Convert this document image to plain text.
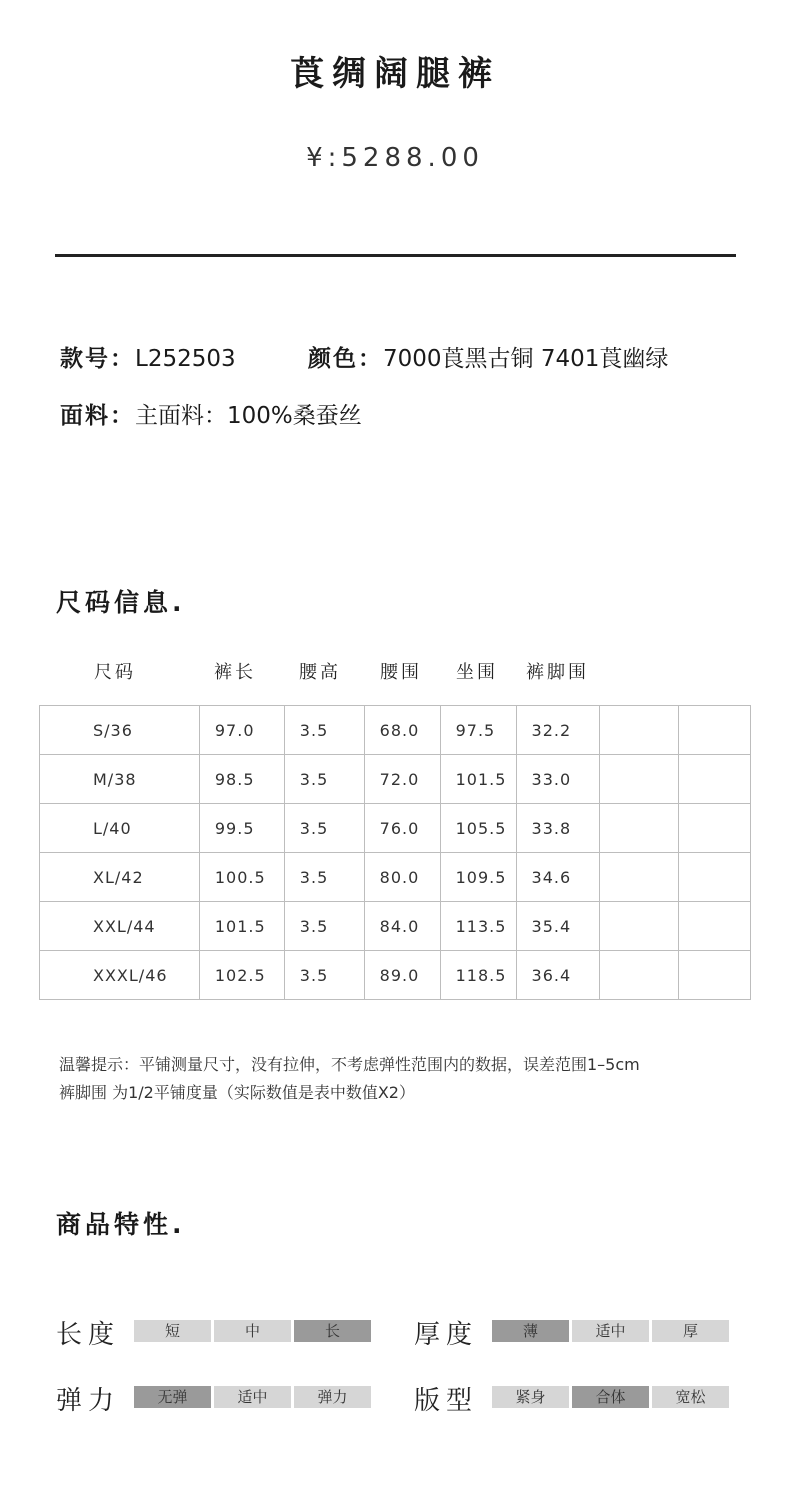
莨绸阔腿裤
¥:5288.00
款号：L252503	颜色：7000莨黑古铜 7401莨幽绿
面料：主面料：100%桑蚕丝
尺码信息.
尺码	裤长 腰高 腰围 坐围 裤脚围
S/36	97.0	3.5	68.0	97.5	32.2		
M/38	98.5	3.5	72.0	101.5	33.0		
L/40	99.5	3.5	76.0	105.5	33.8		
XL/42	100.5	3.5	80.0	109.5	34.6		
XXL/44	101.5	3.5	84.0	113.5	35.4		
XXXL/46	102.5	3.5	89.0	118.5	36.4		
温馨提示：平铺测量尺寸，没有拉伸，不考虑弹性范围内的数据，误差范围1–5cm
裤脚围 为1/2平铺度量（实际数值是表中数值X2）
商品特性.
长度	短	中	长	厚度	薄	适中	厚
弹力	无弹	适中	弹力	版型	紧身	合体	宽松
